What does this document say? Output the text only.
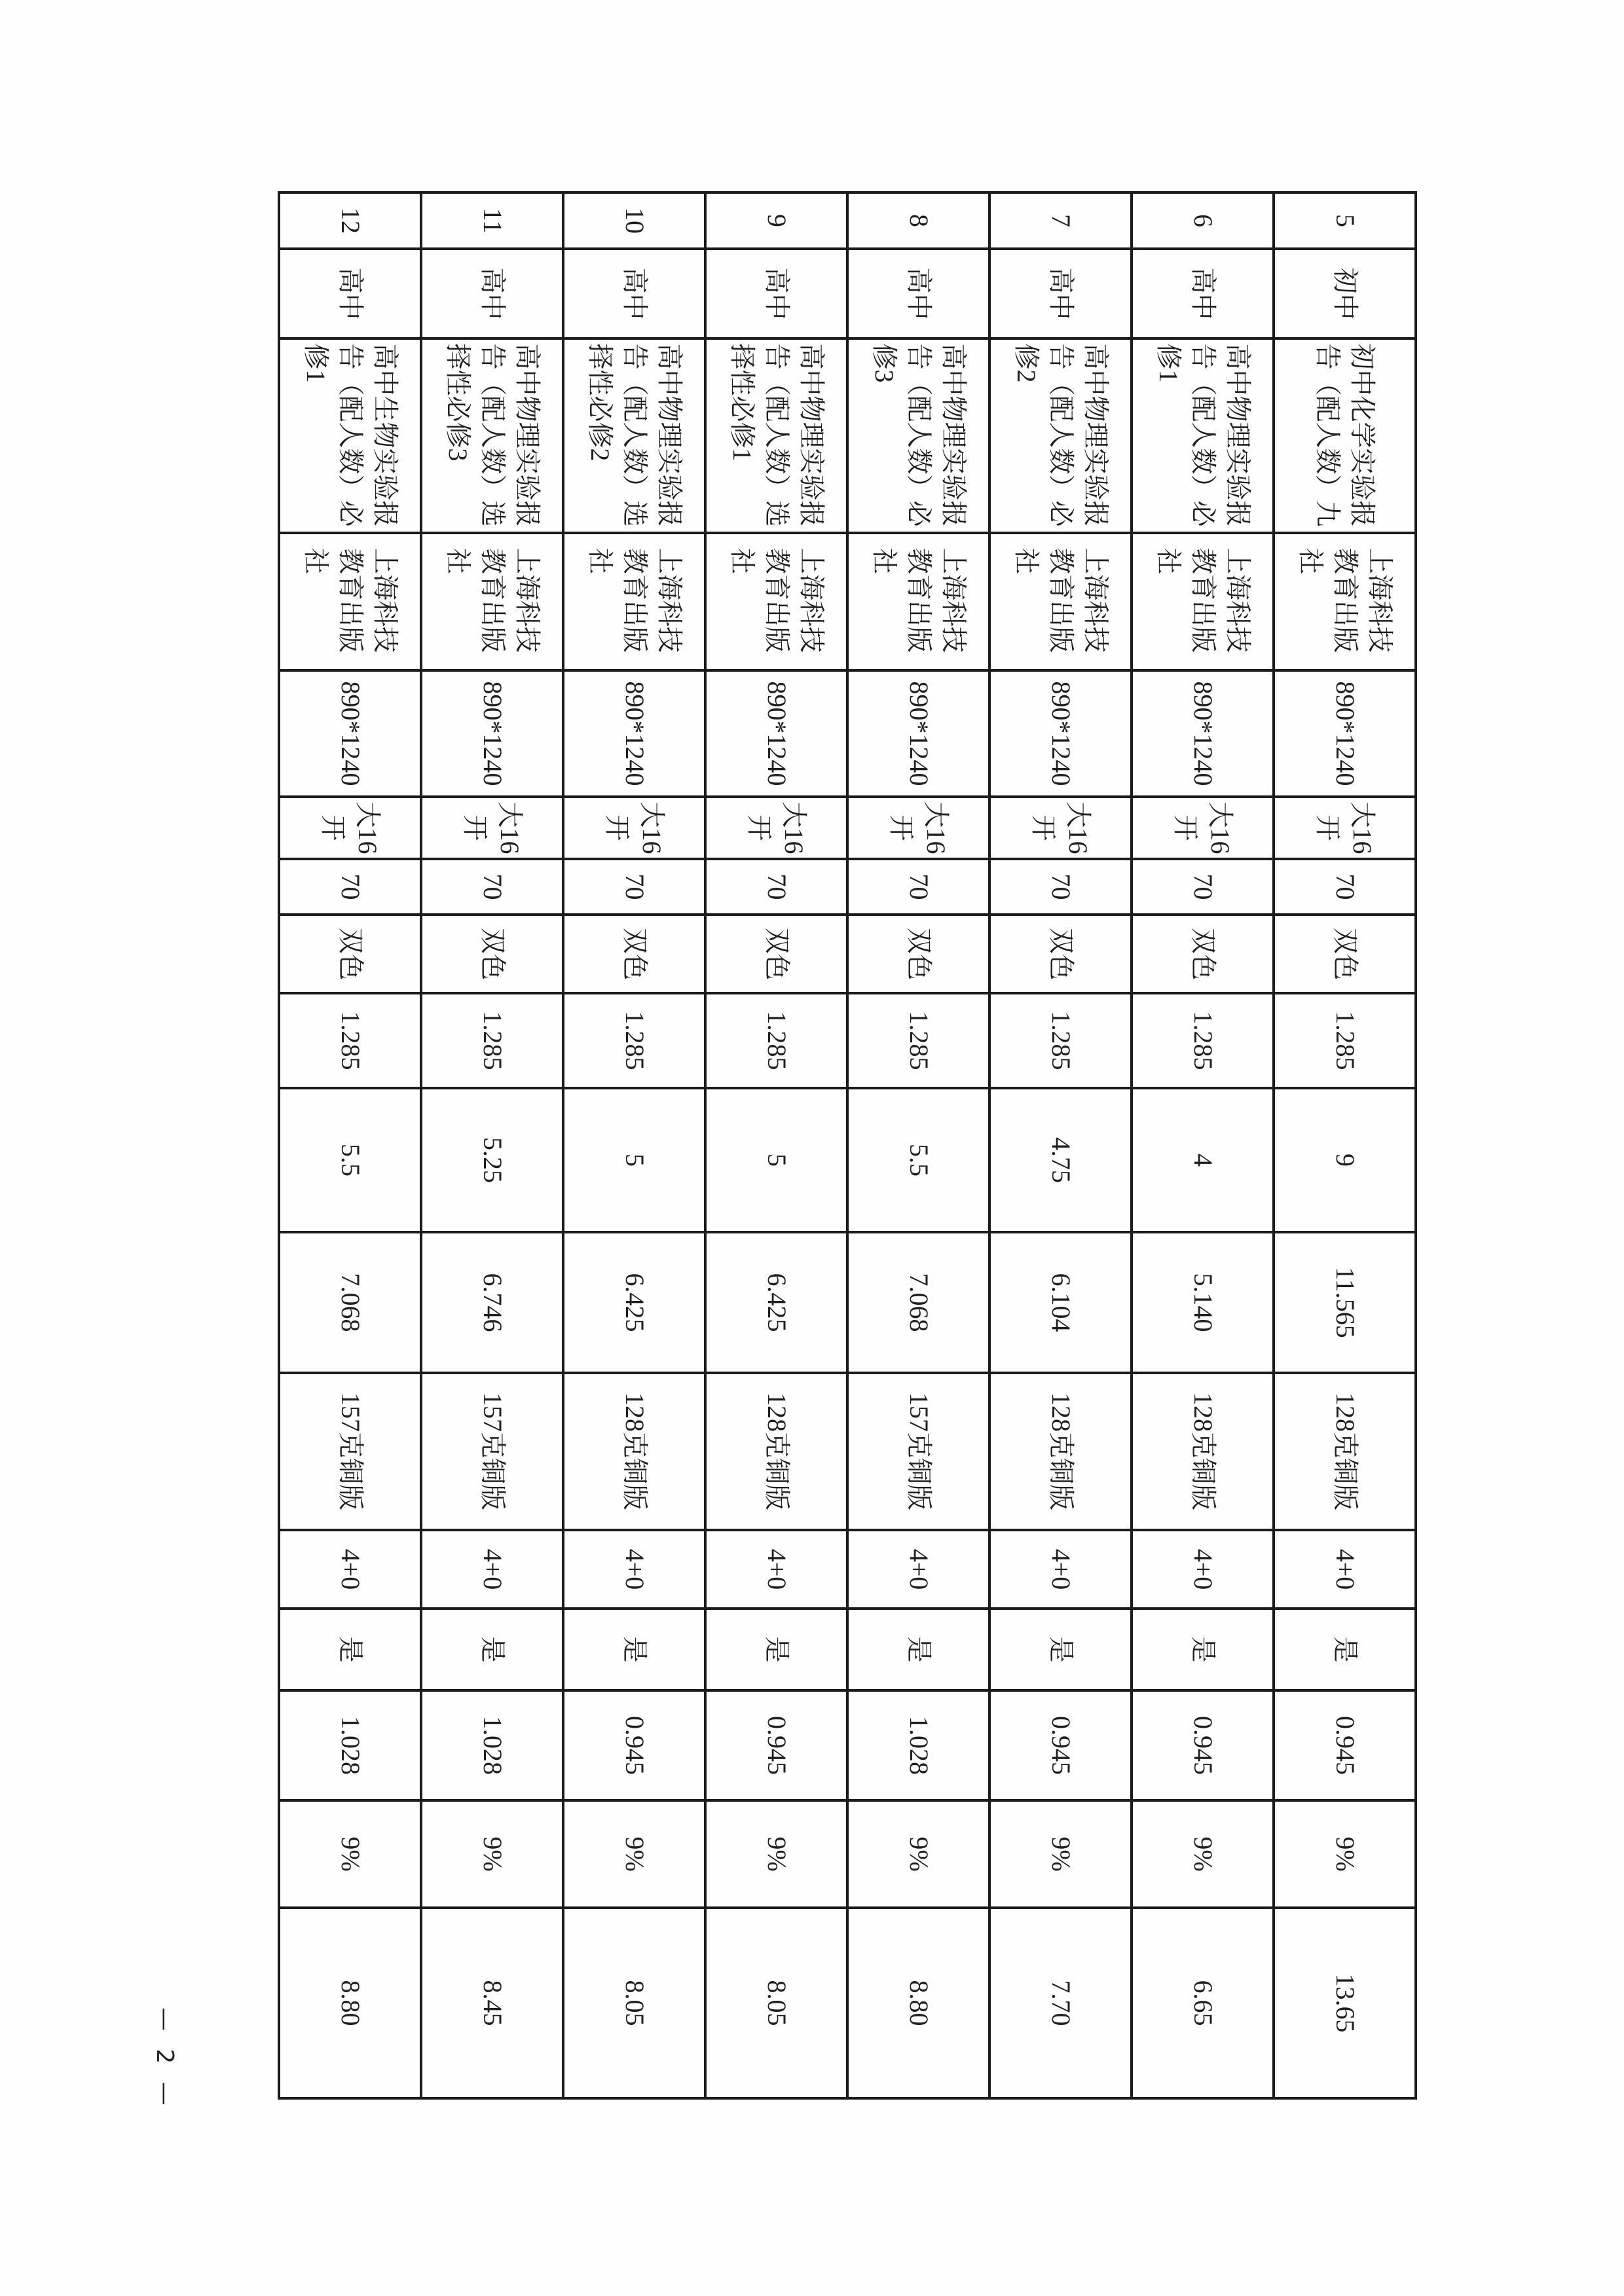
5	初中	初中化学实验报告（配人数）九	上海科技教育出版社	890*1240	大16开	70	双色	1.285	9	11.565	128克铜版	4+0	是	0.945	9%	13.65
6	高中	高中物理实验报告（配人数）必修1	上海科技教育出版社	890*1240	大16开	70	双色	1.285	4	5.140	128克铜版	4+0	是	0.945	9%	6.65
7	高中	高中物理实验报告（配人数）必修2	上海科技教育出版社	890*1240	大16开	70	双色	1.285	4.75	6.104	128克铜版	4+0	是	0.945	9%	7.70
8	高中	高中物理实验报告（配人数）必修3	上海科技教育出版社	890*1240	大16开	70	双色	1.285	5.5	7.068	157克铜版	4+0	是	1.028	9%	8.80
9	高中	高中物理实验报告（配人数）选择性必修1	上海科技教育出版社	890*1240	大16开	70	双色	1.285	5	6.425	128克铜版	4+0	是	0.945	9%	8.05
10	高中	高中物理实验报告（配人数）选择性必修2	上海科技教育出版社	890*1240	大16开	70	双色	1.285	5	6.425	128克铜版	4+0	是	0.945	9%	8.05
11	高中	高中物理实验报告（配人数）选择性必修3	上海科技教育出版社	890*1240	大16开	70	双色	1.285	5.25	6.746	157克铜版	4+0	是	1.028	9%	8.45
12	高中	高中生物实验报告（配人数）必修1	上海科技教育出版社	890*1240	大16开	70	双色	1.285	5.5	7.068	157克铜版	4+0	是	1.028	9%	8.80
— 2 —
